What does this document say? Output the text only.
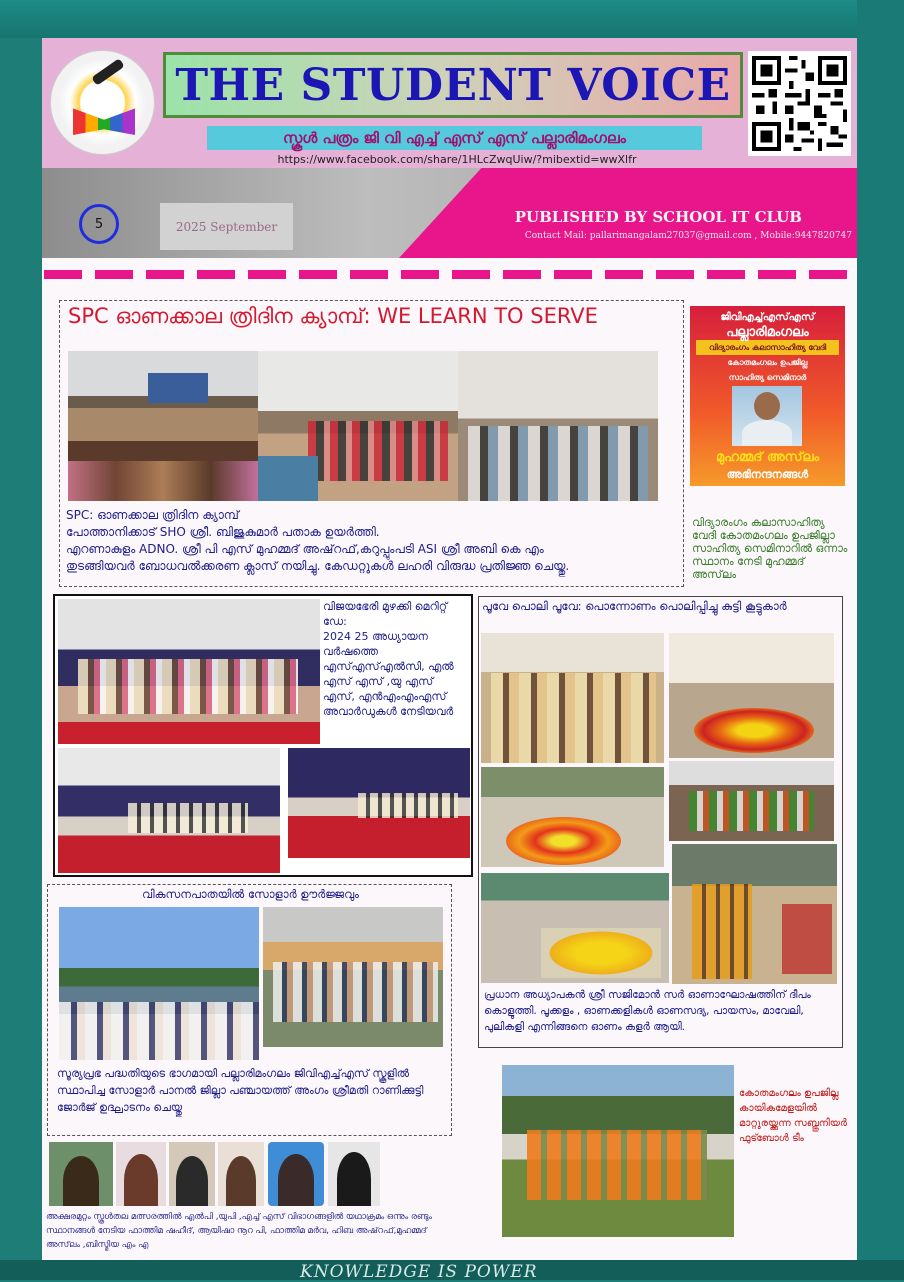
KNOWLEDGE IS POWER
THE STUDENT VOICE
സ്കൂൾ പത്രം ജി വി എച്ച് എസ് എസ് പല്ലാരിമംഗലം
https://www.facebook.com/share/1HLcZwqUiw/?mibextid=wwXlfr
5	2025 September
PUBLISHED BY SCHOOL IT CLUB
Contact Mail: pallarimangalam27037@gmail.com , Mobile:9447820747
SPC ഓണക്കാല ത്രിദിന ക്യാമ്പ്: WE LEARN TO SERVE
SPC: ഓണക്കാല ത്രിദിന ക്യാമ്പ്
പോത്താനിക്കാട് SHO ശ്രീ. ബിജുകുമാർ പതാക ഉയർത്തി.
എറണാകുളം ADNO. ശ്രീ പി എസ് മുഹമ്മദ് അഷ്‌റഫ്,കറുപ്പുംപടി ASI ശ്രീ അബി കെ എം
തുടങ്ങിയവർ ബോധവൽക്കരണ ക്ലാസ് നയിച്ചു. കേഡറ്റുകൾ ലഹരി വിരുദ്ധ പ്രതിജ്ഞ ചെയ്തു.
ജിവിഎച്ച്എസ്എസ്
പല്ലാരിമംഗലം
വിദ്യാരംഗം കലാസാഹിത്യ വേദി
കോതമംഗലം ഉപജില്ല
സാഹിത്യ സെമിനാർ
മുഹമ്മദ് അസ്‌ലം
അഭിനന്ദനങ്ങൾ
വിദ്യാരംഗം കലാസാഹിത്യ വേദി കോതമംഗലം ഉപജില്ലാ സാഹിത്യ സെമിനാറിൽ ഒന്നാം സ്ഥാനം നേടി മുഹമ്മദ് അസ്‌ലം
വിജയഭേരി മുഴക്കി മെറിറ്റ് ഡേ:
2024 25 അധ്യായന വർഷത്തെ എസ്എസ്എൽസി, എൽ എസ് എസ് ,യു എസ് എസ്, എൻഎംഎംഎസ് അവാർഡുകൾ നേടിയവർ
പൂവേ പൊലി പൂവേ: പൊന്നോണം പൊലിപ്പിച്ചു കുട്ടി കൂട്ടുകാർ
പ്രധാന അധ്യാപകൻ ശ്രീ സജിമോൻ സർ ഓണാഘോഷത്തിന് ദീപം കൊളുത്തി. പൂക്കളം , ഓണക്കളികൾ ഓണസദ്യ, പായസം, മാവേലി, പുലികളി എന്നിങ്ങനെ ഓണം കളർ ആയി.
വികസനപാതയിൽ സോളാർ ഊർജ്ജവും
സൂര്യപ്രഭ പദ്ധതിയുടെ ഭാഗമായി പല്ലാരിമംഗലം ജിവിഎച്ച്എസ് സ്കൂളിൽ സ്ഥാപിച്ച സോളാർ പാനൽ ജില്ലാ പഞ്ചായത്ത് അംഗം ശ്രീമതി റാണിക്കുട്ടി ജോർജ് ഉദ്ഘാടനം ചെയ്തു
അക്ഷരമുറ്റം സ്കൂൾതല മത്സരത്തിൽ എൽപി ,യുപി ,എച്ച് എസ് വിഭാഗങ്ങളിൽ യഥാക്രമം ഒന്നും രണ്ടും സ്ഥാനങ്ങൾ നേടിയ ഫാത്തിമ ഷഹീദ്, ആയിഷാ നൂറ പി, ഫാത്തിമ മർവ, ഹിബ അഷ്‌റഫ്,മുഹമ്മദ് അസ്‌ലം ,ബിസ്മിയ എം എ
കോതമംഗലം ഉപജില്ല കായികമേളയിൽ മാറ്റുരയ്ക്കുന്ന സബ്ജൂനിയർ ഫുട്ബോൾ ടീം
